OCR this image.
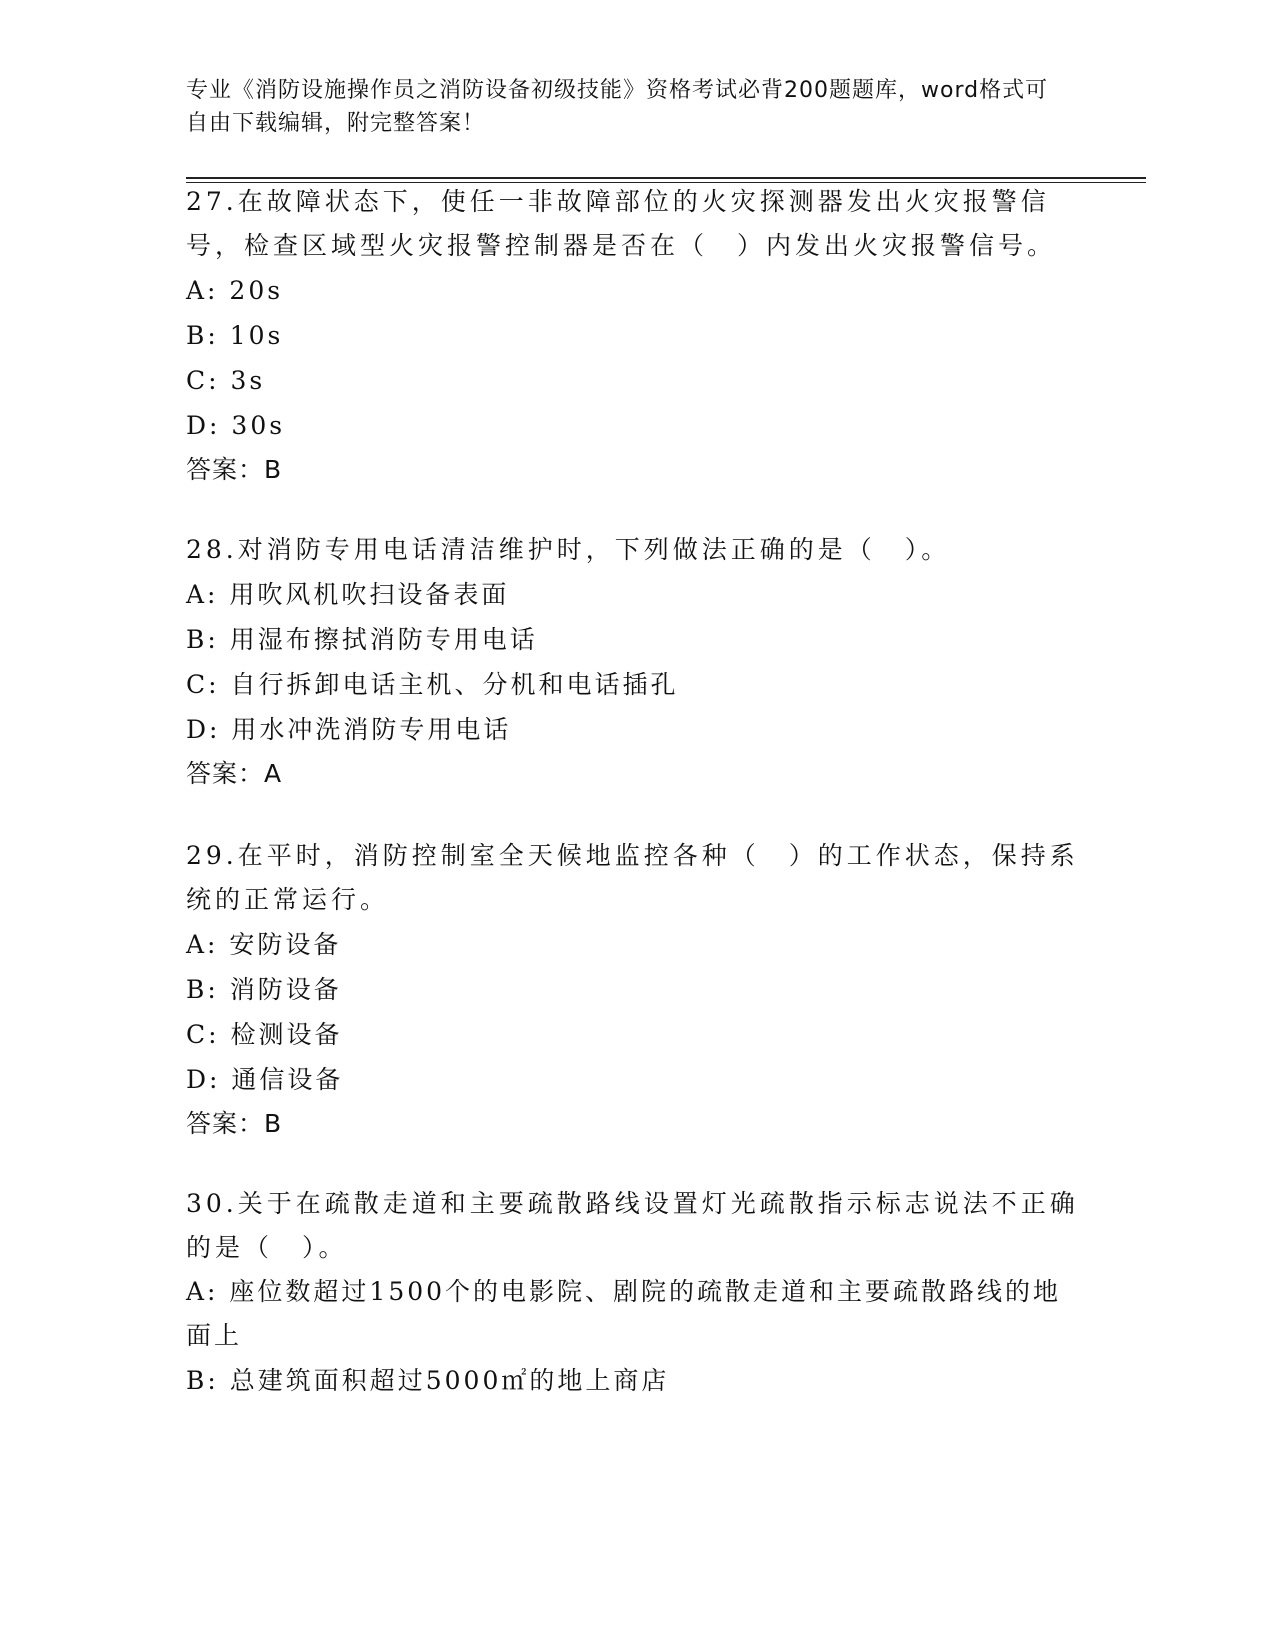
专业《消防设施操作员之消防设备初级技能》资格考试必背200题题库，word格式可自由下载编辑，附完整答案！
27.在故障状态下，使任一非故障部位的火灾探测器发出火灾报警信号，检查区域型火灾报警控制器是否在（　）内发出火灾报警信号。
A: 20s
B: 10s
C: 3s
D: 30s
答案：B
28.对消防专用电话清洁维护时，下列做法正确的是（　）。
A: 用吹风机吹扫设备表面
B: 用湿布擦拭消防专用电话
C: 自行拆卸电话主机、分机和电话插孔
D: 用水冲洗消防专用电话
答案：A
29.在平时，消防控制室全天候地监控各种（　）的工作状态，保持系统的正常运行。
A: 安防设备
B: 消防设备
C: 检测设备
D: 通信设备
答案：B
30.关于在疏散走道和主要疏散路线设置灯光疏散指示标志说法不正确的是（　）。
A: 座位数超过1500个的电影院、剧院的疏散走道和主要疏散路线的地面上
B: 总建筑面积超过5000㎡的地上商店
